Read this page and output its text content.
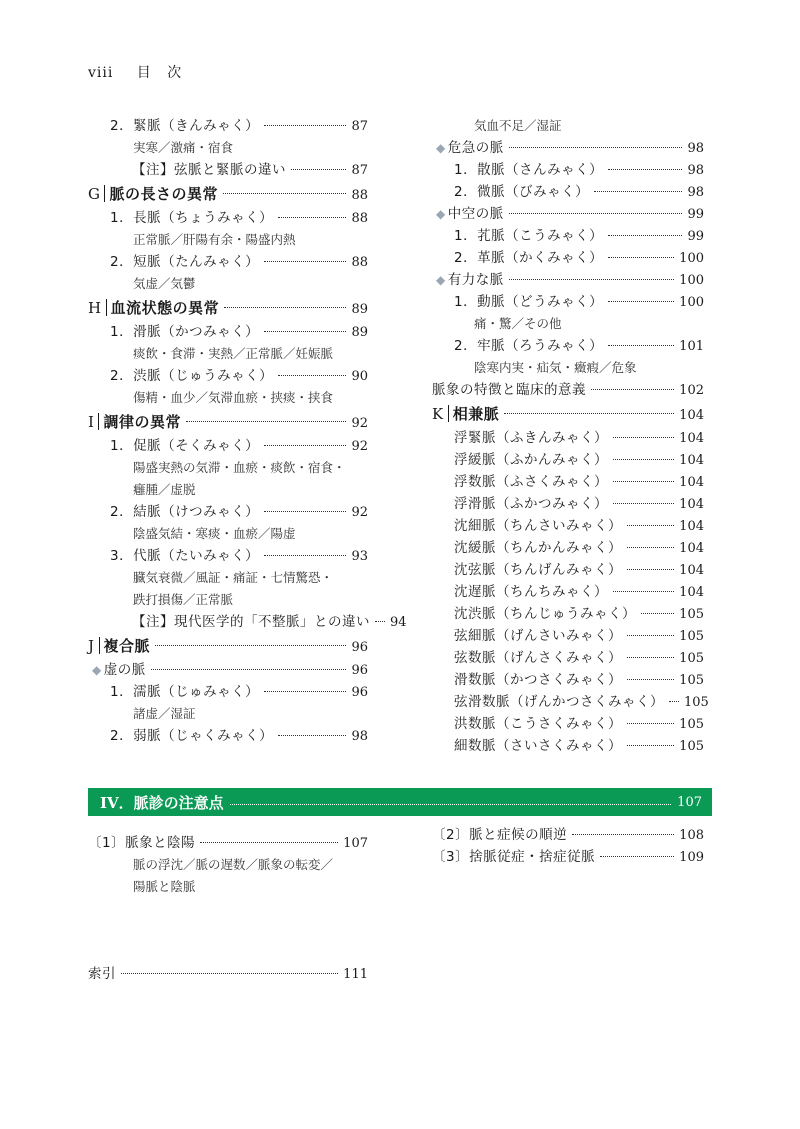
viii 目 次
2．緊脈（きんみゃく）	87
実寒／激痛・宿食
【注】弦脈と緊脈の違い	87
G 脈の長さの異常	88
1．長脈（ちょうみゃく）	88
正常脈／肝陽有余・陽盛内熱
2．短脈（たんみゃく）	88
気虚／気鬱
H 血流状態の異常	89
1．滑脈（かつみゃく）	89
痰飲・食滞・実熱／正常脈／妊娠脈
2．渋脈（じゅうみゃく）	90
傷精・血少／気滞血瘀・挟痰・挟食
I 調律の異常	92
1．促脈（そくみゃく）	92
陽盛実熱の気滞・血瘀・痰飲・宿食・
癰腫／虚脱
2．結脈（けつみゃく）	92
陰盛気結・寒痰・血瘀／陽虚
3．代脈（たいみゃく）	93
臓気衰微／風証・痛証・七情驚恐・
跌打損傷／正常脈
【注】現代医学的「不整脈」との違い 94
J 複合脈	96
◆ 虚の脈	96
1．濡脈（じゅみゃく）	96
諸虚／湿証
2．弱脈（じゃくみゃく）	98
気血不足／湿証
◆ 危急の脈	98
1．散脈（さんみゃく）	98
2．微脈（びみゃく）	98
◆ 中空の脈	99
1．芤脈（こうみゃく）	99
2．革脈（かくみゃく）	100
◆ 有力な脈	100
1．動脈（どうみゃく）	100
痛・驚／その他
2．牢脈（ろうみゃく）	101
陰寒内実・疝気・癥瘕／危象
脈象の特徴と臨床的意義	102
K 相兼脈	104
浮緊脈（ふきんみゃく）	104
浮緩脈（ふかんみゃく）	104
浮数脈（ふさくみゃく）	104
浮滑脈（ふかつみゃく）	104
沈細脈（ちんさいみゃく）	104
沈緩脈（ちんかんみゃく）	104
沈弦脈（ちんげんみゃく）	104
沈遅脈（ちんちみゃく）	104
沈渋脈（ちんじゅうみゃく）	105
弦細脈（げんさいみゃく）	105
弦数脈（げんさくみゃく）	105
滑数脈（かつさくみゃく）	105
弦滑数脈（げんかつさくみゃく） 105
洪数脈（こうさくみゃく）	105
細数脈（さいさくみゃく）	105
IV．脈診の注意点	107
〔1〕脈象と陰陽	107
脈の浮沈／脈の遅数／脈象の転変／
陽脈と陰脈
〔2〕脈と症候の順逆	108
〔3〕捨脈従症・捨症従脈	109
索引	111
